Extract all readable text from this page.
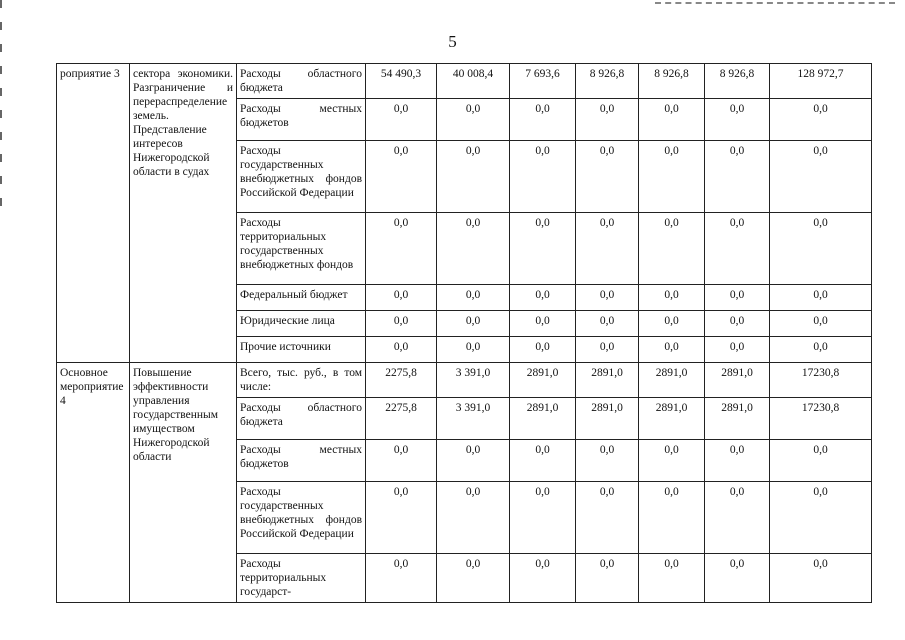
5
роприятие 3	сектора экономики. Разграничение и перераспределение земель. Представление интересов Нижегородской области в судах	Расходы областного бюджета	54 490,3	40 008,4	7 693,6	8 926,8	8 926,8	8 926,8	128 972,7
		Расходы местных бюджетов	0,0	0,0	0,0	0,0	0,0	0,0	0,0
		Расходы государственных внебюджетных фондов Российской Федерации	0,0	0,0	0,0	0,0	0,0	0,0	0,0
		Расходы территориальных государственных внебюджетных фондов	0,0	0,0	0,0	0,0	0,0	0,0	0,0
		Федеральный бюджет	0,0	0,0	0,0	0,0	0,0	0,0	0,0
		Юридические лица	0,0	0,0	0,0	0,0	0,0	0,0	0,0
		Прочие источники	0,0	0,0	0,0	0,0	0,0	0,0	0,0
Основное мероприятие 4	Повышение эффективности управления государственным имуществом Нижегородской области	Всего, тыс. руб., в том числе:	2275,8	3 391,0	2891,0	2891,0	2891,0	2891,0	17230,8
		Расходы областного бюджета	2275,8	3 391,0	2891,0	2891,0	2891,0	2891,0	17230,8
		Расходы местных бюджетов	0,0	0,0	0,0	0,0	0,0	0,0	0,0
		Расходы государственных внебюджетных фондов Российской Федерации	0,0	0,0	0,0	0,0	0,0	0,0	0,0
		Расходы территориальных государст-	0,0	0,0	0,0	0,0	0,0	0,0	0,0
